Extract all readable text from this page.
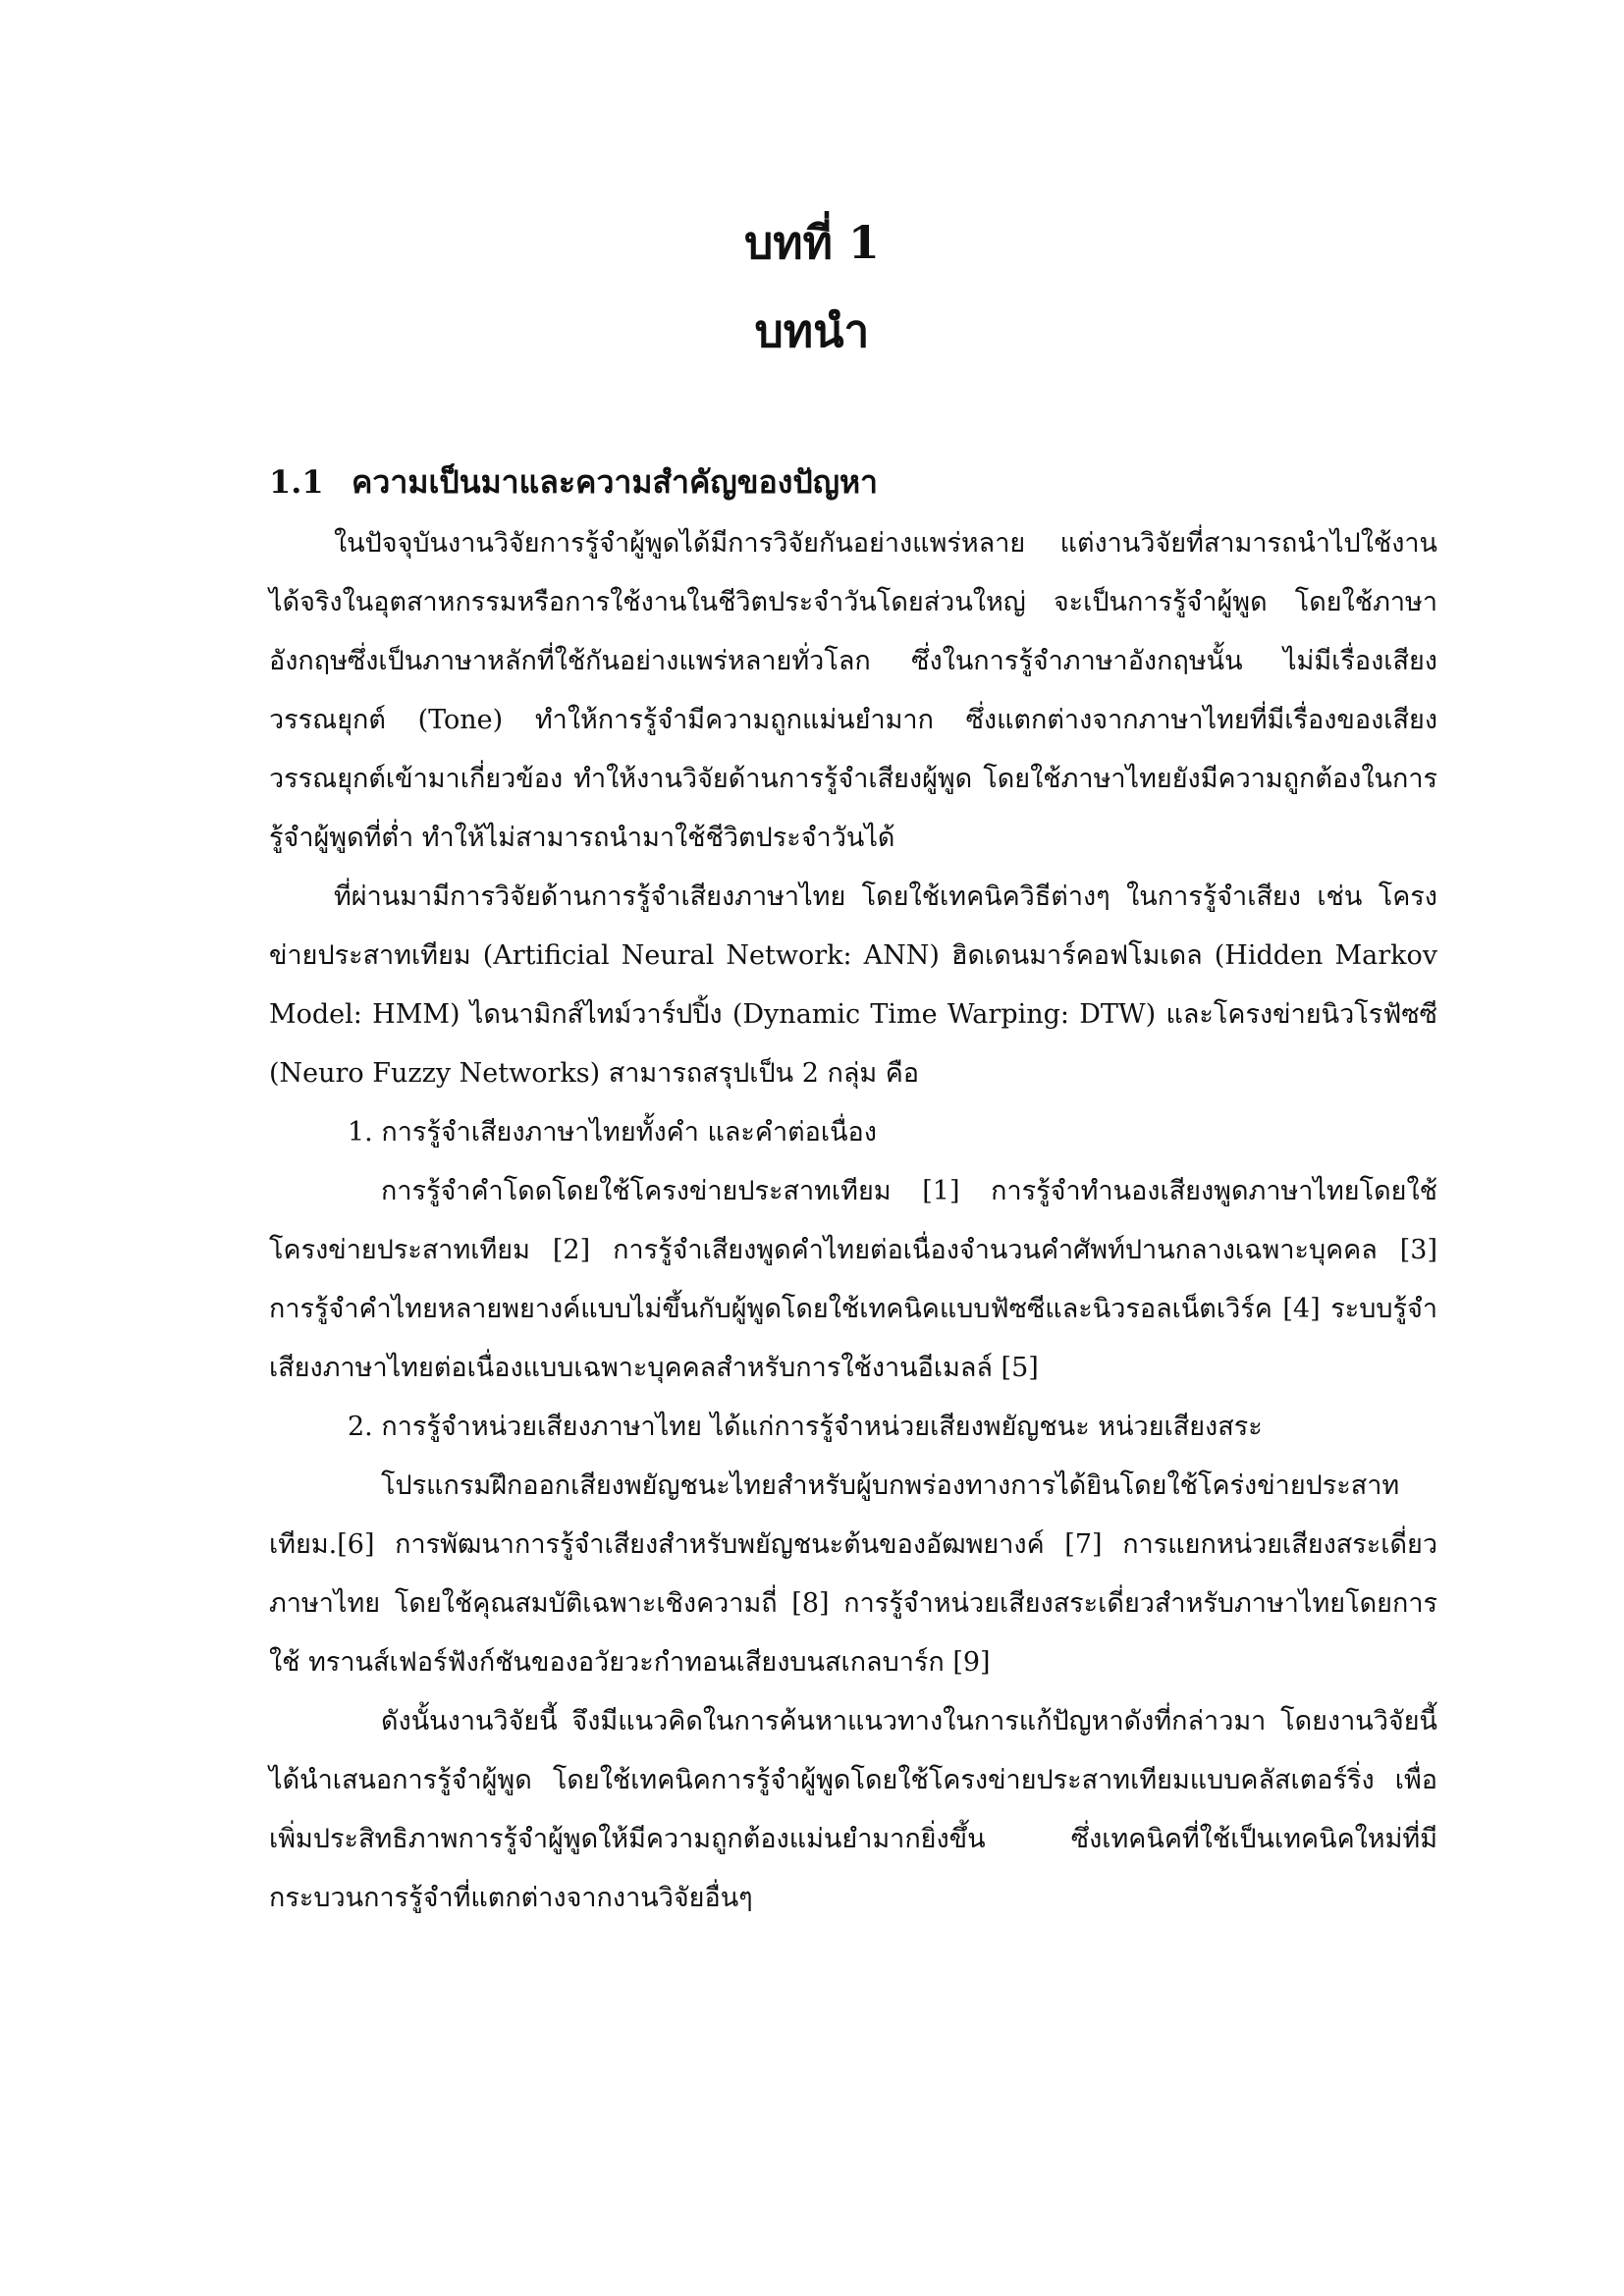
บทที่ 1
บทนำ
1.1 ความเป็นมาและความสำคัญของปัญหา

ในปัจจุบันงานวิจัยการรู้จำผู้พูดได้มีการวิจัยกันอย่างแพร่หลาย แต่งานวิจัยที่สามารถนำไปใช้งานได้จริงในอุตสาหกรรมหรือการใช้งานในชีวิตประจำวันโดยส่วนใหญ่ จะเป็นการรู้จำผู้พูด โดยใช้ภาษาอังกฤษซึ่งเป็นภาษาหลักที่ใช้กันอย่างแพร่หลายทั่วโลก ซึ่งในการรู้จำภาษาอังกฤษนั้น ไม่มีเรื่องเสียง วรรณยุกต์ (Tone) ทำให้การรู้จำมีความถูกแม่นยำมาก ซึ่งแตกต่างจากภาษาไทยที่มีเรื่องของเสียงวรรณยุกต์เข้ามาเกี่ยวข้อง ทำให้งานวิจัยด้านการรู้จำเสียงผู้พูด โดยใช้ภาษาไทยยังมีความถูกต้องในการรู้จำผู้พูดที่ต่ำ ทำให้ไม่สามารถนำมาใช้ชีวิตประจำวันได้

ที่ผ่านมามีการวิจัยด้านการรู้จำเสียงภาษาไทย โดยใช้เทคนิควิธีต่างๆ ในการรู้จำเสียง เช่น โครงข่ายประสาทเทียม (Artificial Neural Network: ANN) ฮิดเดนมาร์คอฟโมเดล (Hidden Markov Model: HMM) ไดนามิกส์ไทม์วาร์ปปิ้ง (Dynamic Time Warping: DTW) และโครงข่ายนิวโรฟัซซี (Neuro Fuzzy Networks) สามารถสรุปเป็น 2 กลุ่ม คือ

1. การรู้จำเสียงภาษาไทยทั้งคำ และคำต่อเนื่อง

การรู้จำคำโดดโดยใช้โครงข่ายประสาทเทียม [1] การรู้จำทำนองเสียงพูดภาษาไทยโดยใช้โครงข่ายประสาทเทียม [2] การรู้จำเสียงพูดคำไทยต่อเนื่องจำนวนคำศัพท์ปานกลางเฉพาะบุคคล [3] การรู้จำคำไทยหลายพยางค์แบบไม่ขึ้นกับผู้พูดโดยใช้เทคนิคแบบฟัซซีและนิวรอลเน็ตเวิร์ค [4] ระบบรู้จำเสียงภาษาไทยต่อเนื่องแบบเฉพาะบุคคลสำหรับการใช้งานอีเมลล์ [5]

2. การรู้จำหน่วยเสียงภาษาไทย ได้แก่การรู้จำหน่วยเสียงพยัญชนะ หน่วยเสียงสระ

โปรแกรมฝึกออกเสียงพยัญชนะไทยสำหรับผู้บกพร่องทางการได้ยินโดยใช้โคร่งข่ายประสาทเทียม.[6] การพัฒนาการรู้จำเสียงสำหรับพยัญชนะต้นของอัฒพยางค์ [7] การแยกหน่วยเสียงสระเดี่ยวภาษาไทย โดยใช้คุณสมบัติเฉพาะเชิงความถี่ [8] การรู้จำหน่วยเสียงสระเดี่ยวสำหรับภาษาไทยโดยการใช้ ทรานส์เฟอร์ฟังก์ชันของอวัยวะกำทอนเสียงบนสเกลบาร์ก [9]

ดังนั้นงานวิจัยนี้ จึงมีแนวคิดในการค้นหาแนวทางในการแก้ปัญหาดังที่กล่าวมา โดยงานวิจัยนี้ได้นำเสนอการรู้จำผู้พูด โดยใช้เทคนิคการรู้จำผู้พูดโดยใช้โครงข่ายประสาทเทียมแบบคลัสเตอร์ริ่ง เพื่อเพิ่มประสิทธิภาพการรู้จำผู้พูดให้มีความถูกต้องแม่นยำมากยิ่งขึ้น ซึ่งเทคนิคที่ใช้เป็นเทคนิคใหม่ที่มีกระบวนการรู้จำที่แตกต่างจากงานวิจัยอื่นๆ
